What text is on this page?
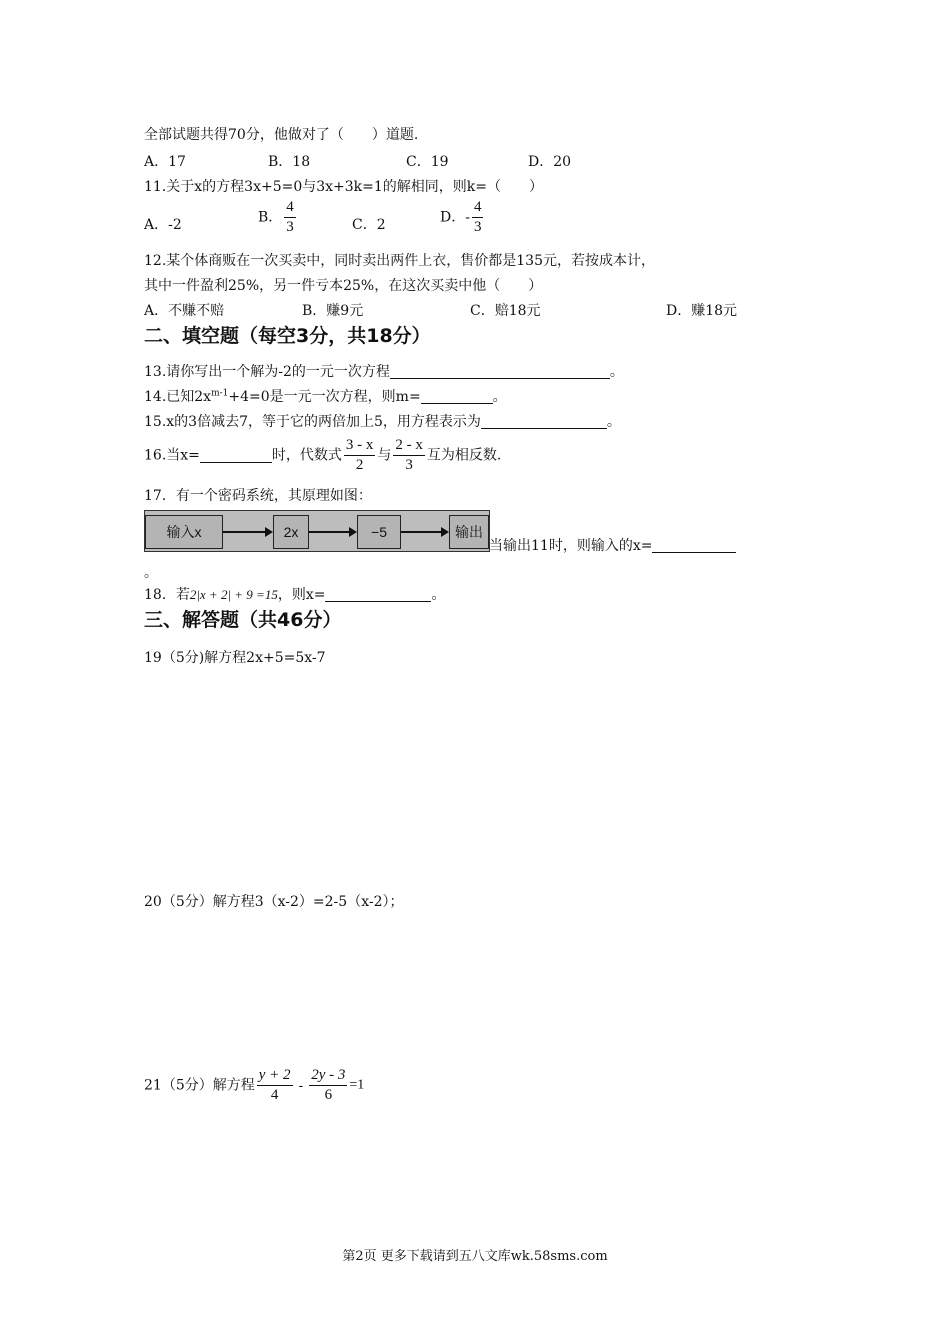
全部试题共得70分，他做对了（　　）道题.
A．17	B．18	C．19	D．20
11.关于x的方程3x+5=0与3x+3k=1的解相同，则k=（　　）
A．-2	B． $\frac{4}{3}$	C．2	D．- $\frac{4}{3}$
12.某个体商贩在一次买卖中，同时卖出两件上衣，售价都是135元，若按成本计，
其中一件盈利25%，另一件亏本25%，在这次买卖中他（　　）
A．不赚不赔	B．赚9元	C．赔18元	D．赚18元
二、填空题（每空3分，共18分）
13.请你写出一个解为-2的一元一次方程	。
14.已知$2x^{m-1}+4=0$是一元一次方程，则m=	。
15.x的3倍减去7，等于它的两倍加上5，用方程表示为	。
16.当x=	时，代数式 $\frac{3 - x}{2}$ 与 $\frac{2 - x}{3}$ 互为相反数.
17．有一个密码系统，其原理如图：
输入x	2x	−5	输出
当输出11时，则输入的x=
。
18．若2|x + 2| + 9 =15，则x=	。
三、解答题（共46分）
19（5分)解方程2x+5=5x-7
20（5分）解方程3（x-2）=2-5（x-2）；
21（5分）解方程 $\frac{y + 2}{4} - \frac{2y - 3}{6} =1$
第2页 更多下载请到五八文库wk.58sms.com
